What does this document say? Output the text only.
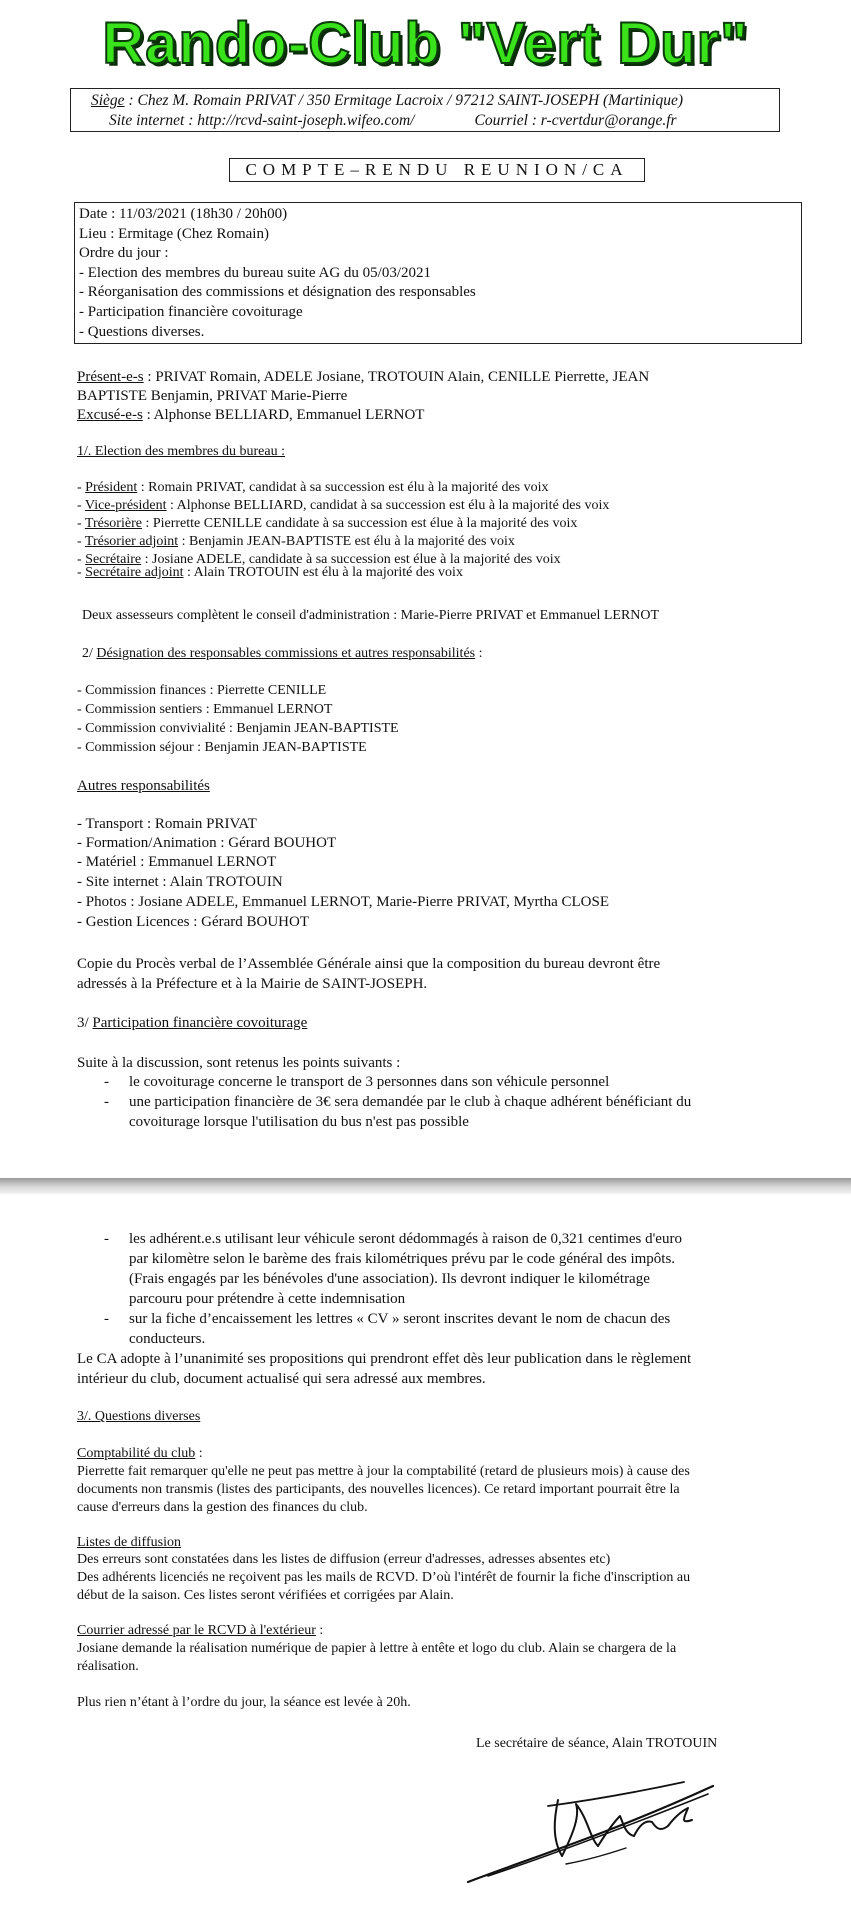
Rando-Club "Vert Dur"
Siège : Chez M. Romain PRIVAT / 350 Ermitage Lacroix / 97212 SAINT-JOSEPH (Martinique)
Site internet : http://rcvd-saint-joseph.wifeo.com/	Courriel : r-cvertdur@orange.fr
COMPTE–RENDU REUNION/CA
Date : 11/03/2021 (18h30 / 20h00)
Lieu : Ermitage (Chez Romain)
Ordre du jour :
- Election des membres du bureau suite AG du 05/03/2021
- Réorganisation des commissions et désignation des responsables
- Participation financière covoiturage
- Questions diverses.
Présent-e-s : PRIVAT Romain, ADELE Josiane, TROTOUIN Alain, CENILLE Pierrette, JEAN
BAPTISTE Benjamin, PRIVAT Marie-Pierre
Excusé-e-s : Alphonse BELLIARD, Emmanuel LERNOT
1/. Election des membres du bureau :
- Président : Romain PRIVAT, candidat à sa succession est élu à la majorité des voix
- Vice-président : Alphonse BELLIARD, candidat à sa succession est élu à la majorité des voix
- Trésorière : Pierrette CENILLE candidate à sa succession est élue à la majorité des voix
- Trésorier adjoint : Benjamin JEAN-BAPTISTE est élu à la majorité des voix
- Secrétaire : Josiane ADELE, candidate à sa succession est élue à la majorité des voix
- Secrétaire adjoint : Alain TROTOUIN est élu à la majorité des voix
Deux assesseurs complètent le conseil d'administration : Marie-Pierre PRIVAT et Emmanuel LERNOT
2/ Désignation des responsables commissions et autres responsabilités :
- Commission finances : Pierrette CENILLE
- Commission sentiers : Emmanuel LERNOT
- Commission convivialité : Benjamin JEAN-BAPTISTE
- Commission séjour : Benjamin JEAN-BAPTISTE
Autres responsabilités
- Transport : Romain PRIVAT
- Formation/Animation : Gérard BOUHOT
- Matériel : Emmanuel LERNOT
- Site internet : Alain TROTOUIN
- Photos : Josiane ADELE, Emmanuel LERNOT, Marie-Pierre PRIVAT, Myrtha CLOSE
- Gestion Licences : Gérard BOUHOT
Copie du Procès verbal de l’Assemblée Générale ainsi que la composition du bureau devront être
adressés à la Préfecture et à la Mairie de SAINT-JOSEPH.
3/ Participation financière covoiturage
Suite à la discussion, sont retenus les points suivants :
- le covoiturage concerne le transport de 3 personnes dans son véhicule personnel
- une participation financière de 3€ sera demandée par le club à chaque adhérent bénéficiant du
covoiturage lorsque l'utilisation du bus n'est pas possible
- les adhérent.e.s utilisant leur véhicule seront dédommagés à raison de 0,321 centimes d'euro
par kilomètre selon le barème des frais kilométriques prévu par le code général des impôts.
(Frais engagés par les bénévoles d'une association). Ils devront indiquer le kilométrage
parcouru pour prétendre à cette indemnisation
- sur la fiche d’encaissement les lettres « CV » seront inscrites devant le nom de chacun des
conducteurs.
Le CA adopte à l’unanimité ses propositions qui prendront effet dès leur publication dans le règlement
intérieur du club, document actualisé qui sera adressé aux membres.
3/. Questions diverses
Comptabilité du club :
Pierrette fait remarquer qu'elle ne peut pas mettre à jour la comptabilité (retard de plusieurs mois) à cause des
documents non transmis (listes des participants, des nouvelles licences). Ce retard important pourrait être la
cause d'erreurs dans la gestion des finances du club.
Listes de diffusion
Des erreurs sont constatées dans les listes de diffusion (erreur d'adresses, adresses absentes etc)
Des adhérents licenciés ne reçoivent pas les mails de RCVD. D’où l'intérêt de fournir la fiche d'inscription au
début de la saison. Ces listes seront vérifiées et corrigées par Alain.
Courrier adressé par le RCVD à l'extérieur :
Josiane demande la réalisation numérique de papier à lettre à entête et logo du club. Alain se chargera de la
réalisation.
Plus rien n’étant à l’ordre du jour, la séance est levée à 20h.
Le secrétaire de séance, Alain TROTOUIN
